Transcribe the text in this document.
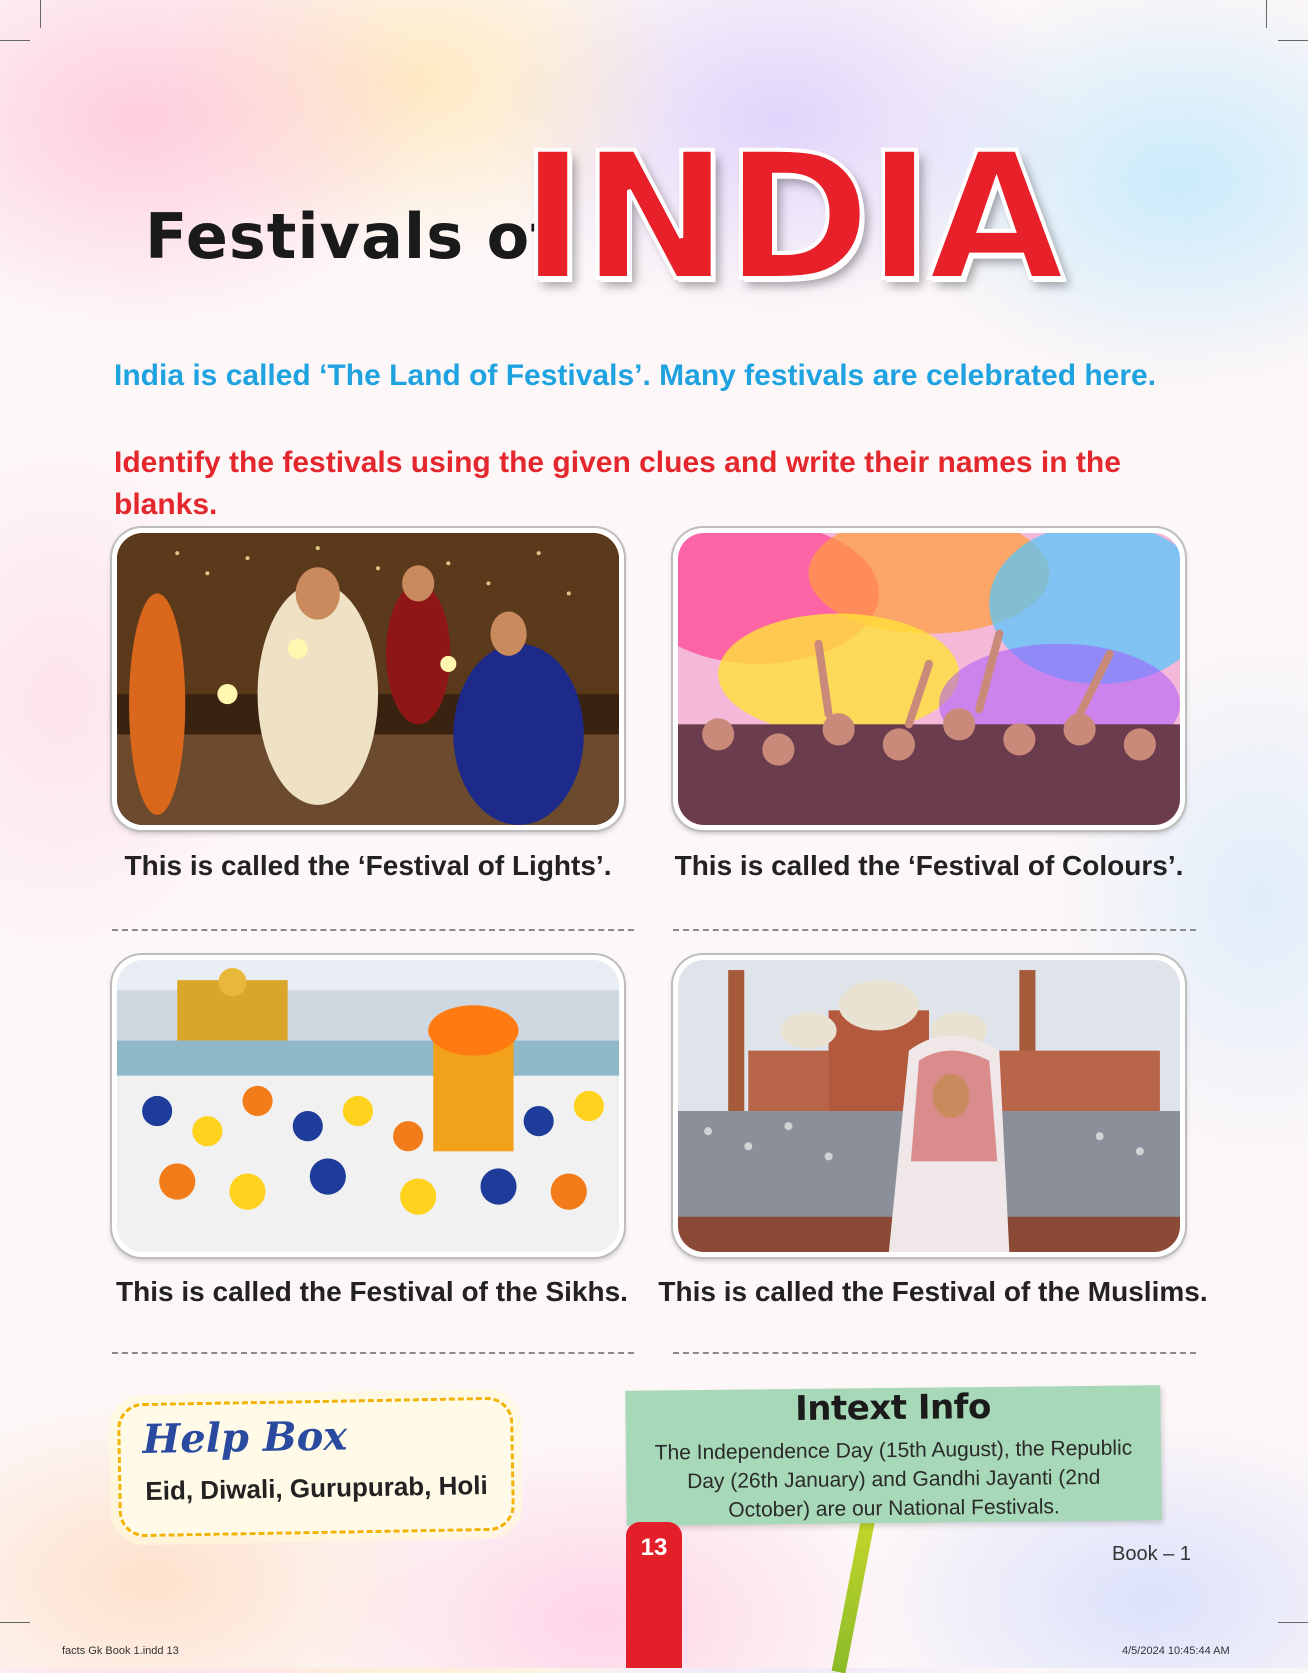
Festivals of
INDIA
India is called ‘The Land of Festivals’. Many festivals are celebrated here.
Identify the festivals using the given clues and write their names in the blanks.
This is called the ‘Festival of Lights’.	This is called the ‘Festival of Colours’.
This is called the Festival of the Sikhs.	This is called the Festival of the Muslims.
Help Box
Eid, Diwali, Gurupurab, Holi
Intext Info
The Independence Day (15th August), the Republic Day (26th January) and Gandhi Jayanti (2nd October) are our National Festivals.
13	Book – 1
facts Gk Book 1.indd 13	4/5/2024 10:45:44 AM
